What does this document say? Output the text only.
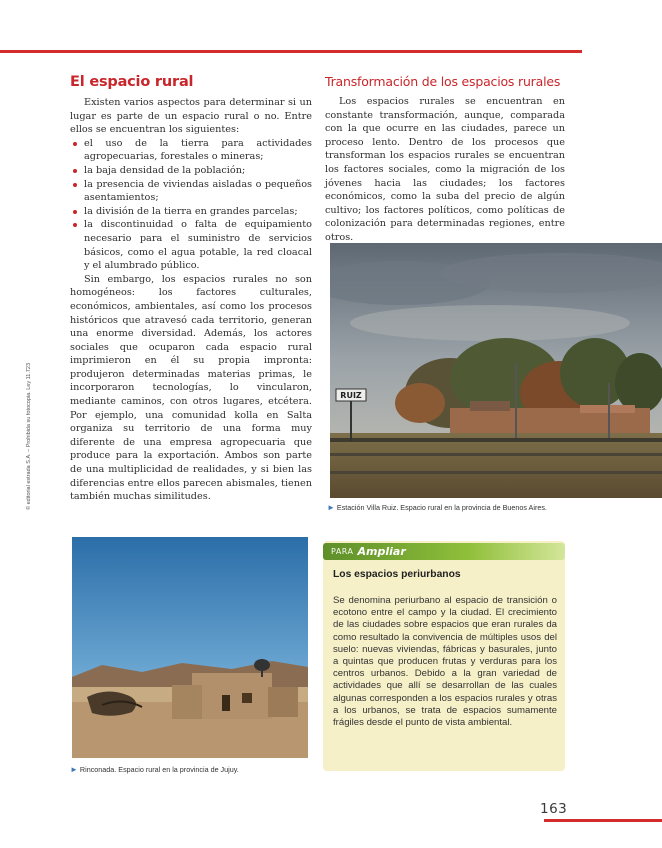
© editorial estrada S.A. – Prohibida su fotocopia. Ley 11.723
El espacio rural

Existen varios aspectos para determinar si un lugar es parte de un espacio rural o no. Entre ellos se encuentran los siguientes:

el uso de la tierra para actividades agropecuarias, forestales o mineras;
la baja densidad de la población;
la presencia de viviendas aisladas o pequeños asentamientos;
la división de la tierra en grandes parcelas;
la discontinuidad o falta de equipamiento necesario para el suministro de servicios básicos, como el agua potable, la red cloacal y el alumbrado público.

Sin embargo, los espacios rurales no son homogéneos: los factores culturales, económicos, ambientales, así como los procesos históricos que atravesó cada territorio, generan una enorme diversidad. Además, los actores sociales que ocuparon cada espacio rural imprimieron en él su propia impronta: produjeron determinadas materias primas, le incorporaron tecnologías, lo vincularon, mediante caminos, con otros lugares, etcétera. Por ejemplo, una comunidad kolla en Salta organiza su territorio de una forma muy diferente de una empresa agropecuaria que produce para la exportación. Ambos son parte de una multiplicidad de realidades, y si bien las diferencias entre ellos parecen abismales, tienen también muchas similitudes.

Transformación de los espacios rurales

Los espacios rurales se encuentran en constante transformación, aunque, comparada con la que ocurre en las ciudades, parece un proceso lento. Dentro de los procesos que transforman los espacios rurales se encuentran los factores sociales, como la migración de los jóvenes hacia las ciudades; los factores económicos, como la suba del precio de algún cultivo; los factores políticos, como políticas de colonización para determinadas regiones, entre otros.

RUIZ
► Estación Villa Ruiz. Espacio rural en la provincia de Buenos Aires.
► Rinconada. Espacio rural en la provincia de Jujuy.
PARA Ampliar
Los espacios periurbanos

Se denomina periurbano al espacio de transición o ecotono entre el campo y la ciudad. El crecimiento de las ciudades sobre espacios que eran rurales da como resultado la convivencia de múltiples usos del suelo: nuevas viviendas, fábricas y basurales, junto a quintas que producen frutas y verduras para los centros urbanos. Debido a la gran variedad de actividades que allí se desarrollan de las cuales algunas corresponden a los espacios rurales y otras a los urbanos, se trata de espacios sumamente frágiles desde el punto de vista ambiental.

163
